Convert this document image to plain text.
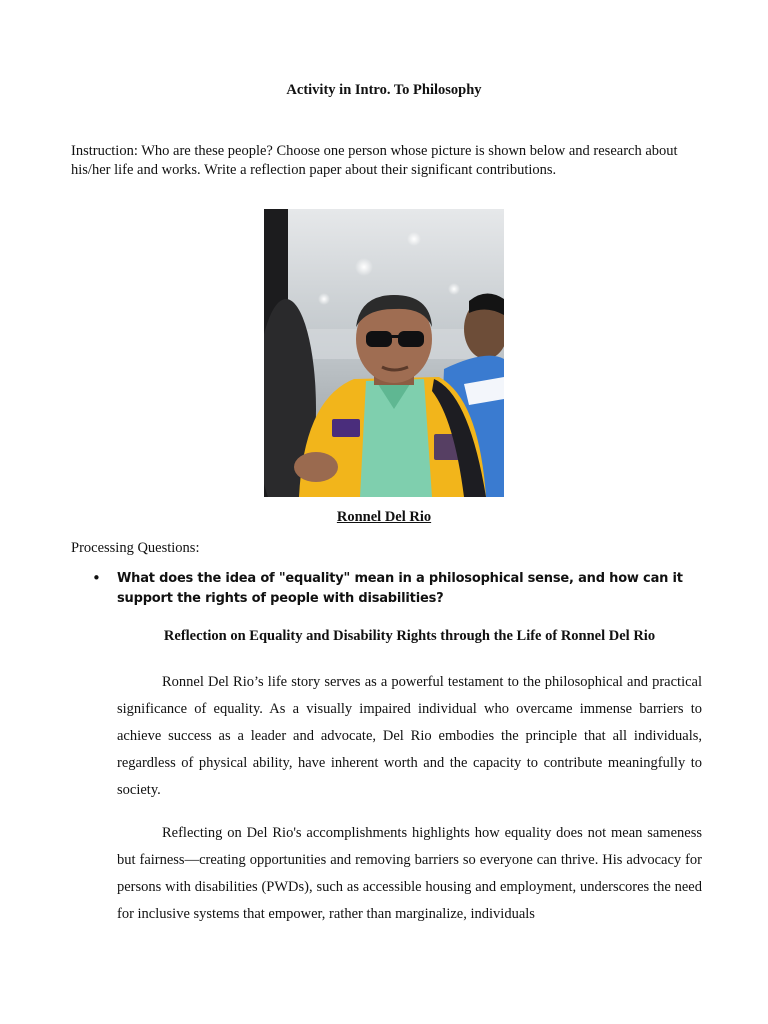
Activity in Intro. To Philosophy
Instruction: Who are these people? Choose one person whose picture is shown below and research about his/her life and works. Write a reflection paper about their significant contributions.
Ronnel Del Rio
Processing Questions:
• What does the idea of "equality" mean in a philosophical sense, and how can it support the rights of people with disabilities?
Reflection on Equality and Disability Rights through the Life of Ronnel Del Rio
Ronnel Del Rio’s life story serves as a powerful testament to the philosophical and practical significance of equality. As a visually impaired individual who overcame immense barriers to achieve success as a leader and advocate, Del Rio embodies the principle that all individuals, regardless of physical ability, have inherent worth and the capacity to contribute meaningfully to society.
Reflecting on Del Rio's accomplishments highlights how equality does not mean sameness but fairness—creating opportunities and removing barriers so everyone can thrive. His advocacy for persons with disabilities (PWDs), such as accessible housing and employment, underscores the need for inclusive systems that empower, rather than marginalize, individuals
